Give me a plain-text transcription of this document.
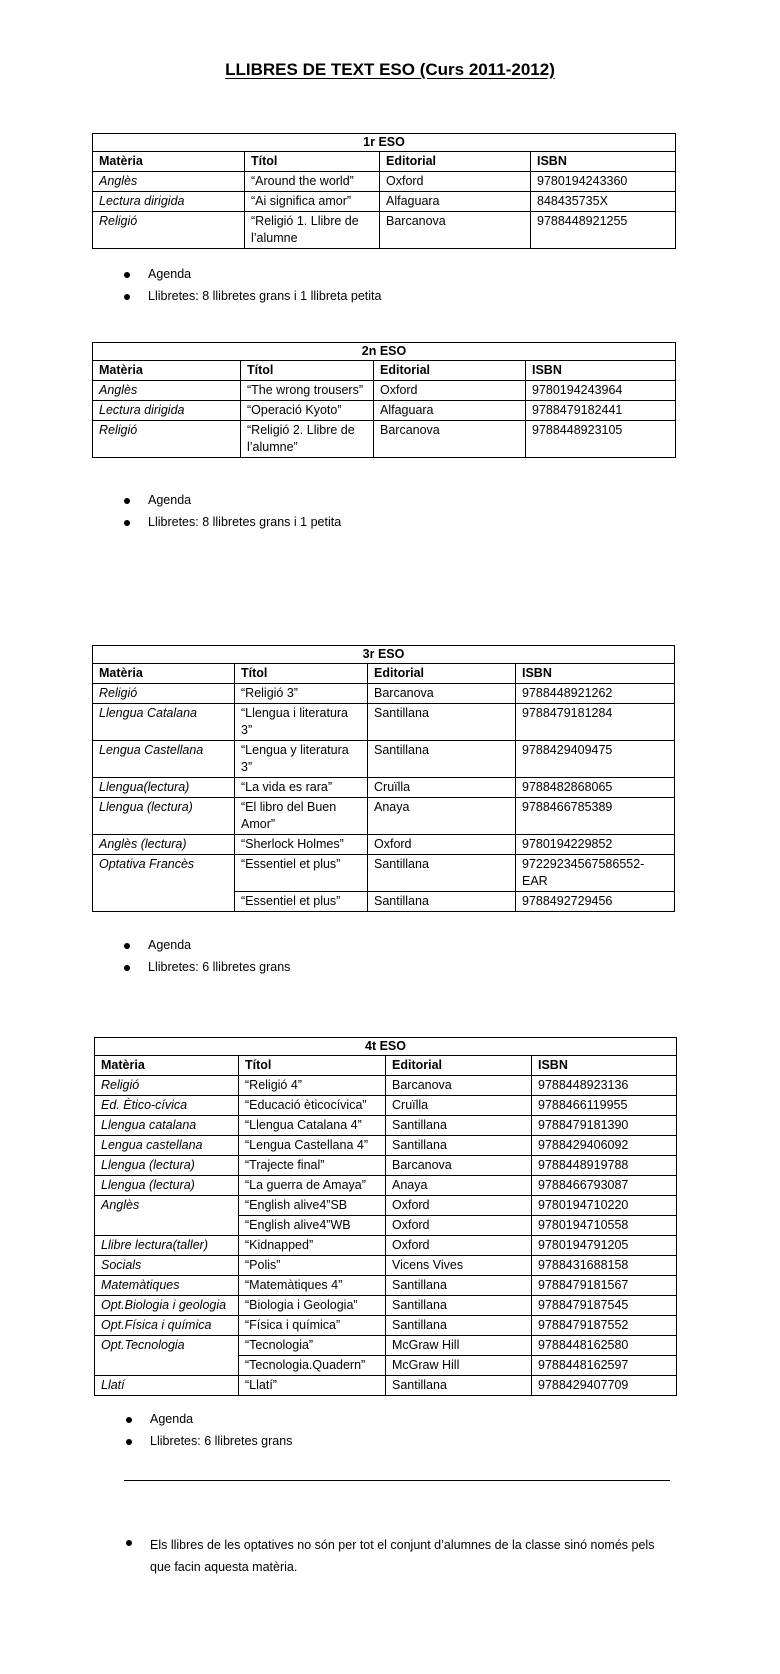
LLIBRES DE TEXT ESO (Curs 2011-2012)
1r ESO			
Matèria	Títol	Editorial	ISBN
Anglès	“Around the world”	Oxford	9780194243360
Lectura dirigida	“Ai significa amor”	Alfaguara	848435735X
Religió	“Religió 1. Llibre de l’alumne	Barcanova	9788448921255
Agenda
Llibretes: 8 llibretes grans i 1 llibreta petita
2n ESO			
Matèria	Títol	Editorial	ISBN
Anglès	“The wrong trousers”	Oxford	9780194243964
Lectura dirigida	“Operació Kyoto”	Alfaguara	9788479182441
Religió	“Religió 2. Llibre de l’alumne”	Barcanova	9788448923105
Agenda
Llibretes: 8 llibretes grans i 1 petita
3r ESO			
Matèria	Títol	Editorial	ISBN
Religió	“Religió 3”	Barcanova	9788448921262
Llengua Catalana	“Llengua i literatura 3”	Santillana	9788479181284
Lengua Castellana	“Lengua y literatura 3”	Santillana	9788429409475
Llengua(lectura)	“La vida es rara”	Cruïlla	9788482868065
Llengua (lectura)	“El libro del Buen Amor”	Anaya	9788466785389
Anglès (lectura)	“Sherlock Holmes”	Oxford	9780194229852
Optativa Francès	“Essentiel et plus”	Santillana	97229234567586552-EAR
	“Essentiel et plus”	Santillana	9788492729456
Agenda
Llibretes: 6 llibretes grans
4t ESO			
Matèria	Títol	Editorial	ISBN
Religió	“Religió 4”	Barcanova	9788448923136
Ed. Ètico-cívica	“Educació èticocívica”	Cruïlla	9788466119955
Llengua catalana	“Llengua Catalana 4”	Santillana	9788479181390
Lengua castellana	“Lengua Castellana 4”	Santillana	9788429406092
Llengua (lectura)	“Trajecte final”	Barcanova	9788448919788
Llengua (lectura)	“La guerra de Amaya”	Anaya	9788466793087
Anglès	“English alive4”SB	Oxford	9780194710220
	“English alive4”WB	Oxford	9780194710558
Llibre lectura(taller)	“Kidnapped”	Oxford	9780194791205
Socials	“Polis”	Vicens Vives	9788431688158
Matemàtiques	“Matemàtiques 4”	Santillana	9788479181567
Opt.Biologia i geologia	“Biologia i Geologia”	Santillana	9788479187545
Opt.Física i química	“Física i química”	Santillana	9788479187552
Opt.Tecnologia	“Tecnologia”	McGraw Hill	9788448162580
	“Tecnologia.Quadern”	McGraw Hill	9788448162597
Llatí	“Llatí”	Santillana	9788429407709
Agenda
Llibretes: 6 llibretes grans
Els llibres de les optatives no són per tot el conjunt d’alumnes de la classe sinó només pels que facin aquesta matèria.
